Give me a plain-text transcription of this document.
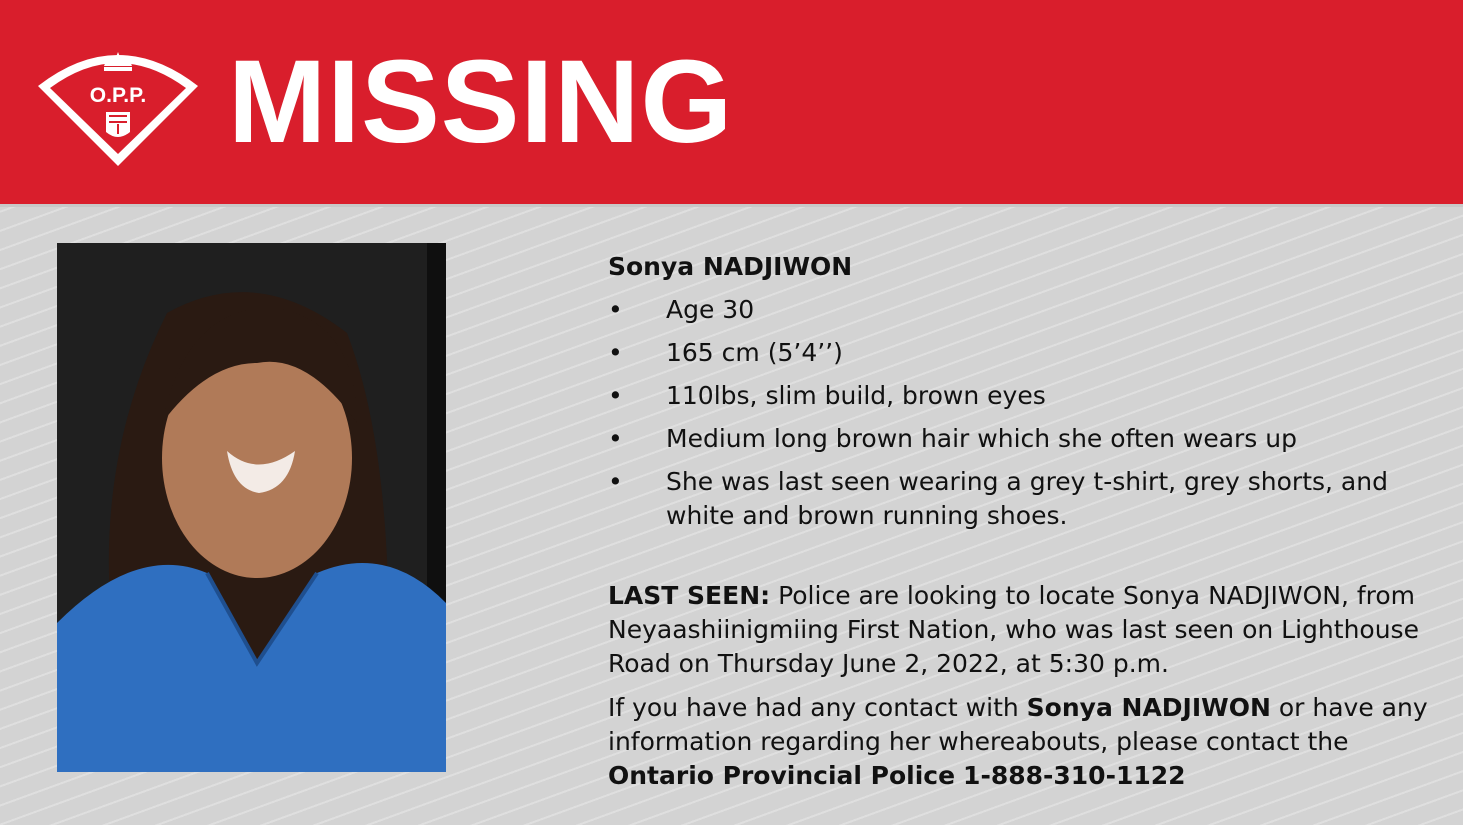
O.P.P. MISSING
Sonya NADJIWON
• Age 30
• 165 cm (5’4’’)
• 110lbs, slim build, brown eyes
• Medium long brown hair which she often wears up
• She was last seen wearing a grey t-shirt, grey shorts, and white and brown running shoes.

LAST SEEN: Police are looking to locate Sonya NADJIWON, from Neyaashiinigmiing First Nation, who was last seen on Lighthouse Road on Thursday June 2, 2022, at 5:30 p.m.

If you have had any contact with Sonya NADJIWON or have any information regarding her whereabouts, please contact the Ontario Provincial Police 1-888-310-1122
